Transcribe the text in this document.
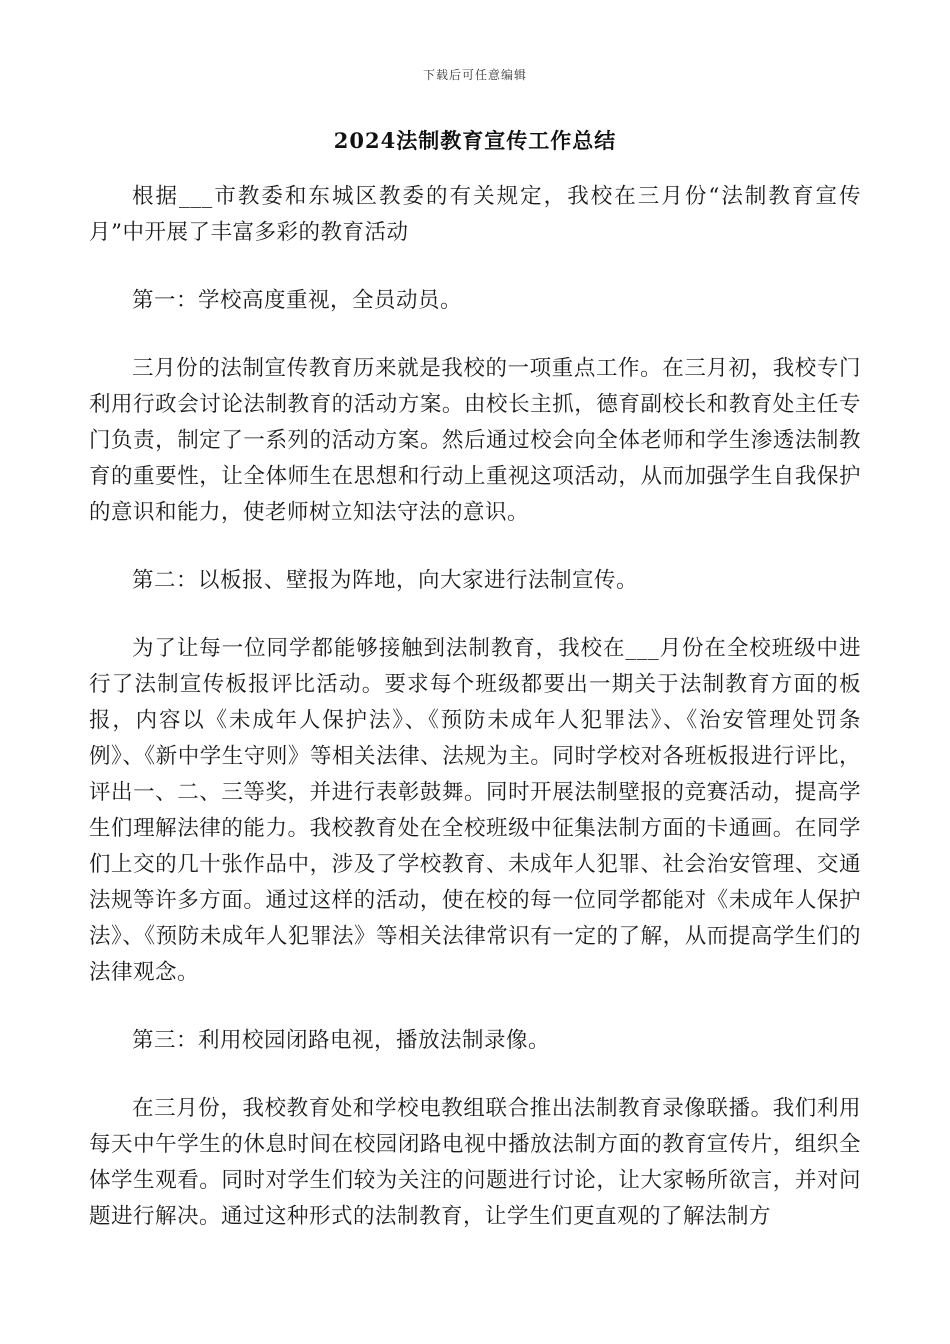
下载后可任意编辑
2024法制教育宣传工作总结

根据___市教委和东城区教委的有关规定，我校在三月份“法制教育宣传月”中开展了丰富多彩的教育活动

第一：学校高度重视，全员动员。

三月份的法制宣传教育历来就是我校的一项重点工作。在三月初，我校专门利用行政会讨论法制教育的活动方案。由校长主抓，德育副校长和教育处主任专门负责，制定了一系列的活动方案。然后通过校会向全体老师和学生渗透法制教育的重要性，让全体师生在思想和行动上重视这项活动，从而加强学生自我保护的意识和能力，使老师树立知法守法的意识。

第二：以板报、壁报为阵地，向大家进行法制宣传。

为了让每一位同学都能够接触到法制教育，我校在___月份在全校班级中进行了法制宣传板报评比活动。要求每个班级都要出一期关于法制教育方面的板报，内容以《未成年人保护法》、《预防未成年人犯罪法》、《治安管理处罚条例》、《新中学生守则》等相关法律、法规为主。同时学校对各班板报进行评比，评出一、二、三等奖，并进行表彰鼓舞。同时开展法制壁报的竞赛活动，提高学生们理解法律的能力。我校教育处在全校班级中征集法制方面的卡通画。在同学们上交的几十张作品中，涉及了学校教育、未成年人犯罪、社会治安管理、交通法规等许多方面。通过这样的活动，使在校的每一位同学都能对《未成年人保护法》、《预防未成年人犯罪法》等相关法律常识有一定的了解，从而提高学生们的法律观念。

第三：利用校园闭路电视，播放法制录像。

在三月份，我校教育处和学校电教组联合推出法制教育录像联播。我们利用每天中午学生的休息时间在校园闭路电视中播放法制方面的教育宣传片，组织全体学生观看。同时对学生们较为关注的问题进行讨论，让大家畅所欲言，并对问题进行解决。通过这种形式的法制教育，让学生们更直观的了解法制方
